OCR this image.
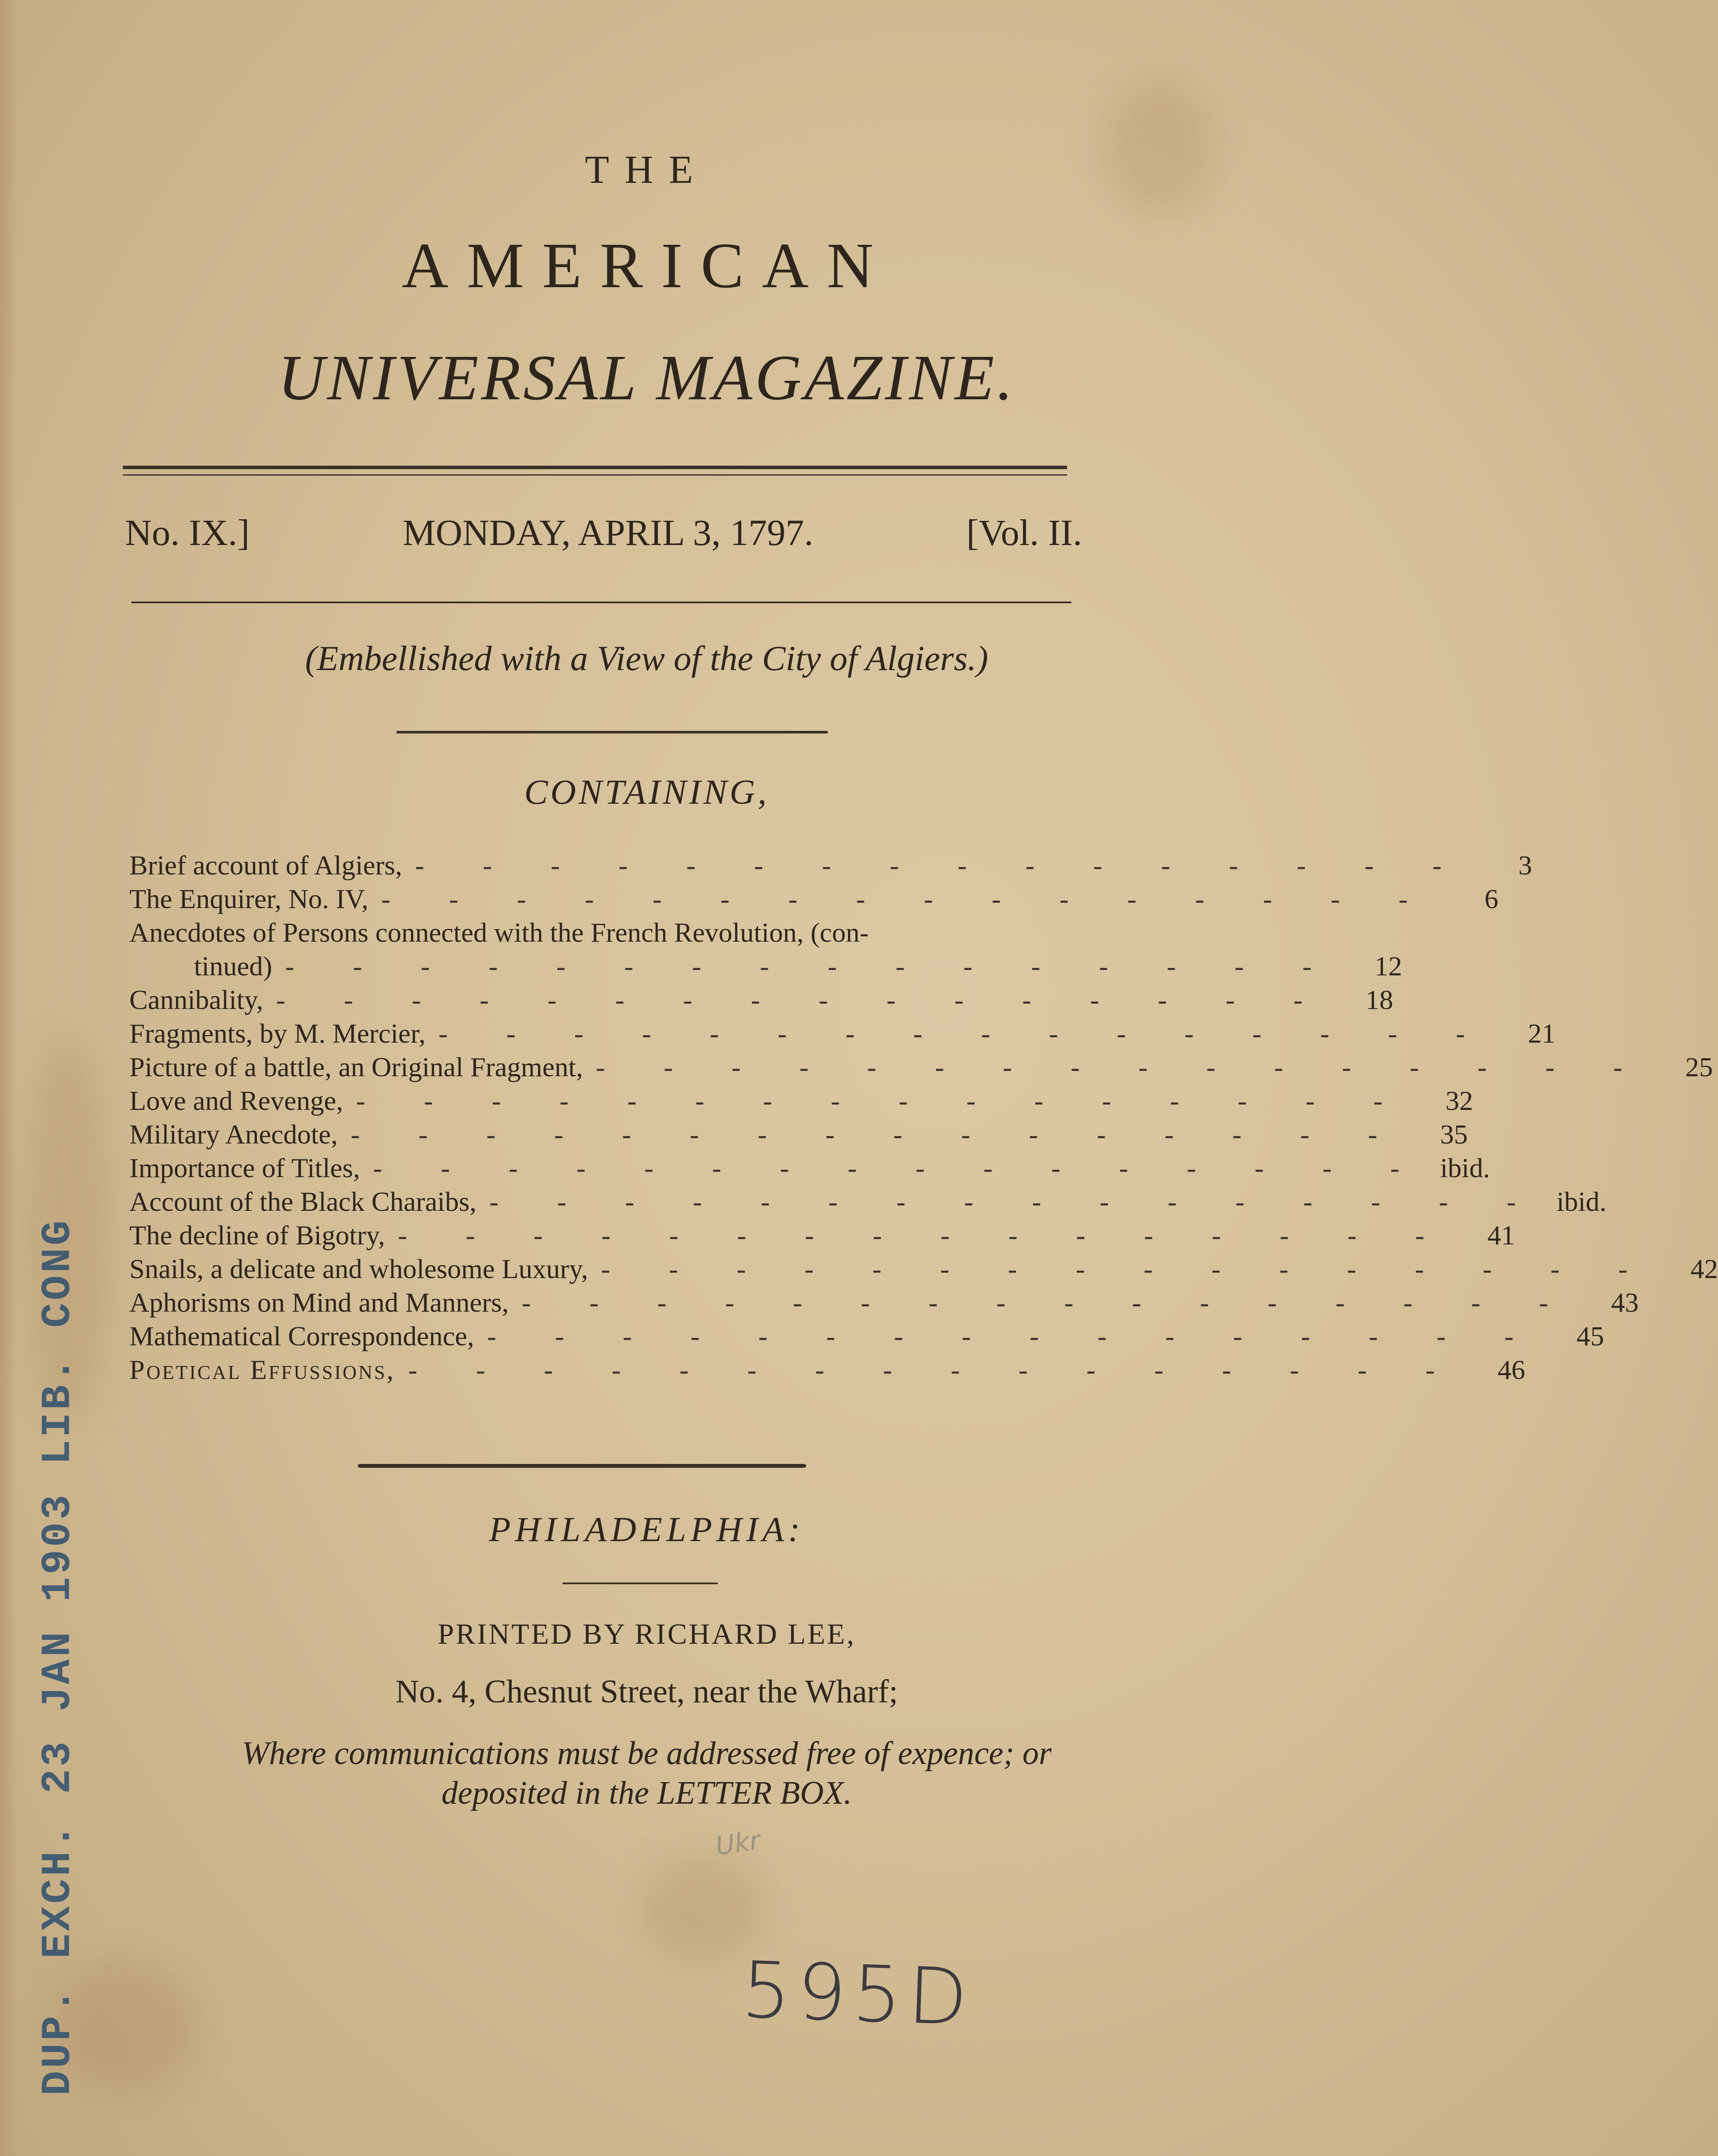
THE
AMERICAN
UNIVERSAL MAGAZINE.
No. IX.]	MONDAY, APRIL 3, 1797.	[Vol. II.
(Embellished with a View of the City of Algiers.)
CONTAINING,
Brief account of Algiers, - - - - - - - - - - - - - - - -	3
The Enquirer, No. IV, - - - - - - - - - - - - - - - -	6
Anecdotes of Persons connected with the French Revolution, (con-
tinued) - - - - - - - - - - - - - - - -	12
Cannibality, - - - - - - - - - - - - - - - -	18
Fragments, by M. Mercier, - - - - - - - - - - - - - - - -	21
Picture of a battle, an Original Fragment, - - - - - - - - - - - - - - - -	25
Love and Revenge, - - - - - - - - - - - - - - - -	32
Military Anecdote, - - - - - - - - - - - - - - - -	35
Importance of Titles, - - - - - - - - - - - - - - - - ibid.
Account of the Black Charaibs, - - - - - - - - - - - - - - - - ibid.
The decline of Bigotry, - - - - - - - - - - - - - - - -	41
Snails, a delicate and wholesome Luxury, - - - - - - - - - - - - - - - -	42
Aphorisms on Mind and Manners, - - - - - - - - - - - - - - - -	43
Mathematical Correspondence, - - - - - - - - - - - - - - - -	45
Poetical Effussions, - - - - - - - - - - - - - - - -	46
PHILADELPHIA:
PRINTED BY RICHARD LEE,
No. 4, Chesnut Street, near the Wharf;
Where communications must be addressed free of expence; or
deposited in the LETTER BOX.
DUP. EXCH. 23 JAN 1903 LIB. CONG	Ukr
595D
